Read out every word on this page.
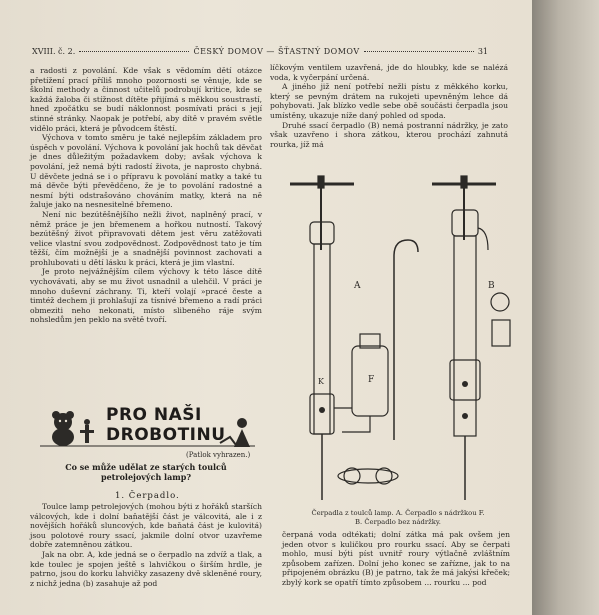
XVIII. č. 2.	ČESKÝ DOMOV — ŠŤASTNÝ DOMOV	31

a radosti z povolání. Kde však s vědomím dětí otázce přetížení prací příliš mnoho pozornosti se věnuje, kde se školní methody a činnost učitelů podrobují kritice, kde se každá žaloba či stížnost dítěte přijímá s měkkou soustrastí, hned zpočátku se budí náklonnost posmívati práci s její stinné stránky. Naopak je potřebí, aby dítě v pravém světle vidělo práci, která je původcem štěstí.

Výchova v tomto směru je také nejlepším základem pro úspěch v povolání. Výchova k povolání jak hochů tak děvčat je dnes důležitým požadavkem doby; avšak výchova k povolání, jež nemá býti radostí života, je naprosto chybná. U děvčete jedná se i o přípravu k povolání matky a také tu má děvče býti převědčeno, že je to povolání radostné a nesmí býti odstrašováno chováním matky, která na ně žaluje jako na nesnesitelné břemeno.

Není nic bezútěšnějšího nežli život, naplněný prací, v němž práce je jen břemenem a hořkou nutností. Takový bezútěšný život připravovati dětem jest věru zatěžovati velice vlastní svou zodpovědnost. Zodpovědnost tato je tím těžší, čím možnější je a snadnější povinnost zachovati a prohlubovati u dětí lásku k práci, která je jim vlastní.

Je proto nejvážnějším cílem výchovy k této lásce dítě vychovávati, aby se mu život usnadnil a ulehčil. V práci je mnoho duševní záchrany. Ti, kteří volají »pracé česte a timtéž dechem ji prohlašují za tísnivé břemeno a radí práci obmeziti neho nekonati, místo slibeného ráje svým nohsledům jen peklo na světě tvoří.

PRO NAŠI
DROBOTINU
(Patlok vyhrazen.)
Co se může udělat ze starých toulců petrolejových lamp?
1. Čerpadlo.

Toulce lamp petrolejových (mohou býti z hořáků starších válcových, kde i dolní baňatější část je válcovitá, ale i z novějších hořáků sluncových, kde baňatá část je kulovitá) jsou polotové roury ssací, jakmile dolní otvor uzavřeme dobře zatemněnou zátkou.

Jak na obr. A, kde jedná se o čerpadlo na zdvíž a tlak, a kde toulec je spojen ještě s lahvičkou o širším hrdle, je patrno, jsou do korku lahvičky zasazeny dvě skleněné roury, z nichž jedna (b) zasahuje až pod

líčkovým ventilem uzavřená, jde do hloubky, kde se nalézá voda, k vyčerpání určená.

A jiného již není potřebí nežli pístu z měkkého korku, který se pevným drátem na rukojeti upevněným lehce dá pohybovati. Jak blízko vedle sebe obě součásti čerpadla jsou umístěny, ukazuje níže daný pohled od spoda.

Druhé ssací čerpadlo (B) nemá postranní nádržky, je zato však uzavřeno i shora zátkou, kterou prochází zahnutá rourka, jíž má

A	B
K	F
Čerpadla z toulců lamp. A. Čerpadlo s nádržkou F.
B. Čerpadlo bez nádržky.

čerpaná voda odtékati; dolní zátka má pak ovšem jen jeden otvor s kuličkou pro rourku ssací. Aby se čerpati mohlo, musí býti píst uvnitř roury výtlačně zvláštním způsobem zařízen. Dolní jeho konec se zařízne, jak to na připojeném obrázku (B) je patrno, tak že má jakýsi křeček; zbylý kork se opatří tímto způsobem ... rourku ... pod
